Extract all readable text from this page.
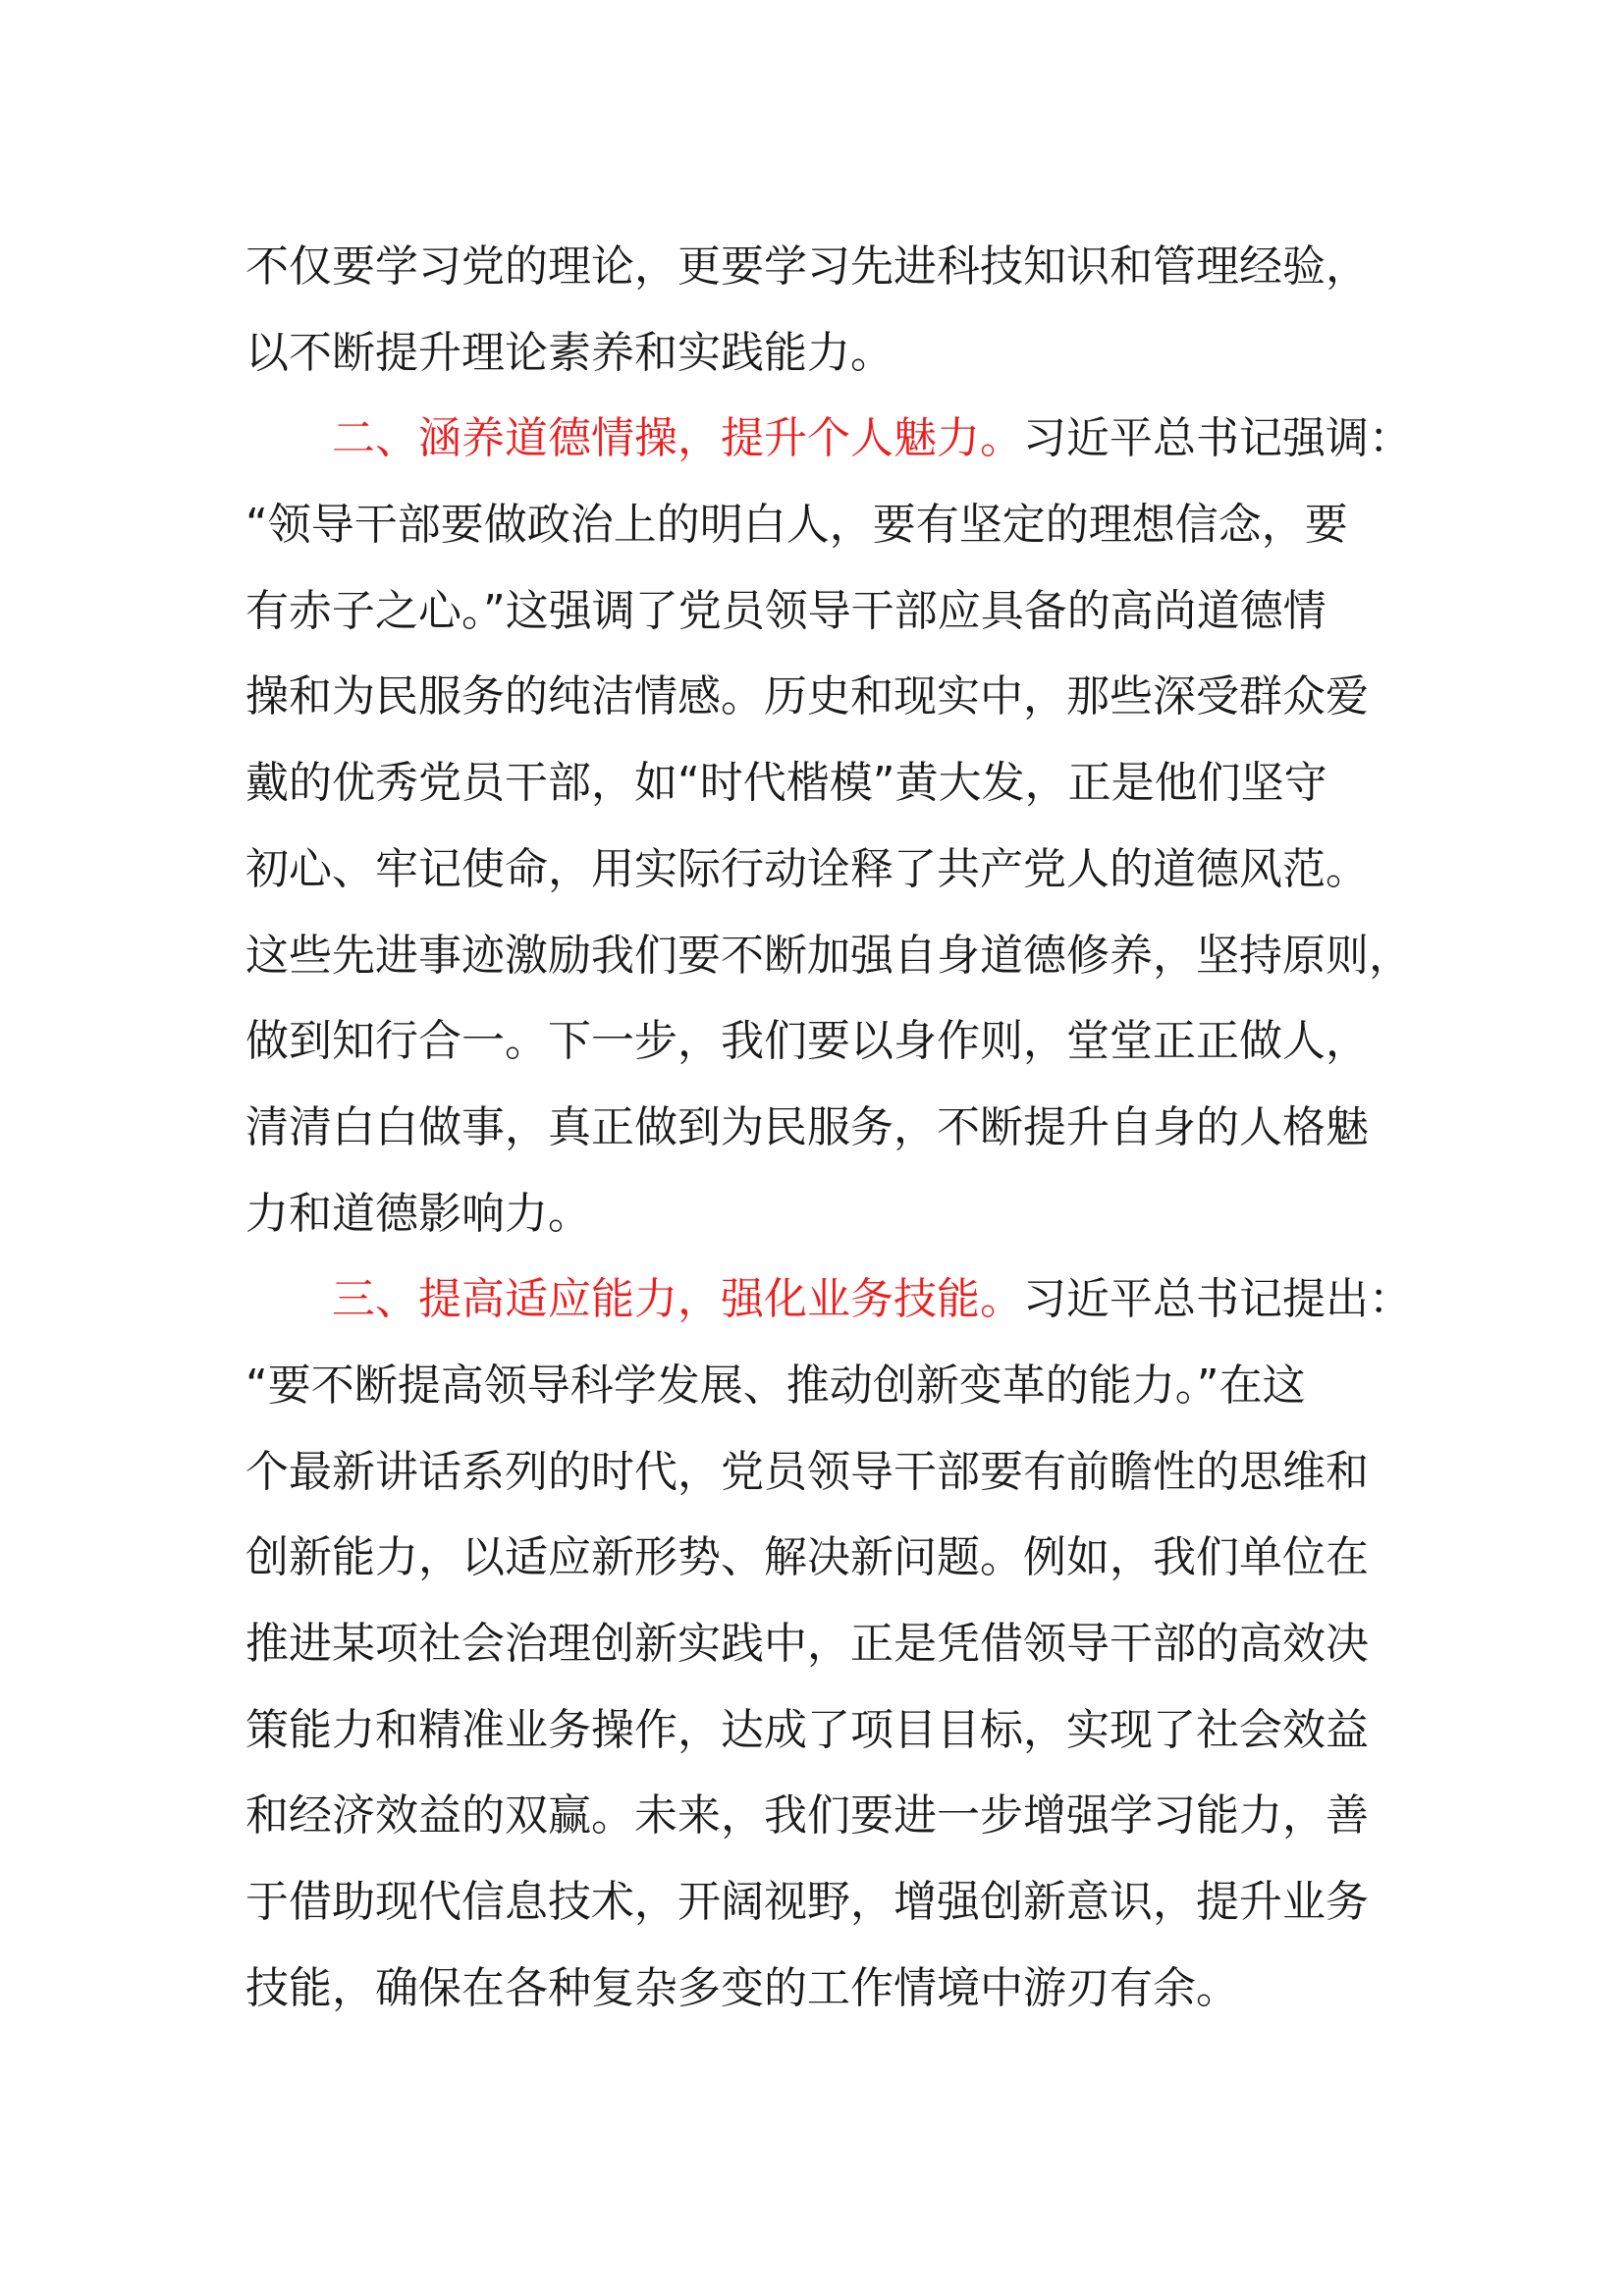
不仅要学习党的理论，更要学习先进科技知识和管理经验，
以不断提升理论素养和实践能力。
二、涵养道德情操，提升个人魅力。习近平总书记强调：
“领导干部要做政治上的明白人，要有坚定的理想信念，要
有赤子之心。”这强调了党员领导干部应具备的高尚道德情
操和为民服务的纯洁情感。历史和现实中，那些深受群众爱
戴的优秀党员干部，如“时代楷模”黄大发，正是他们坚守
初心、牢记使命，用实际行动诠释了共产党人的道德风范。
这些先进事迹激励我们要不断加强自身道德修养，坚持原则，
做到知行合一。下一步，我们要以身作则，堂堂正正做人，
清清白白做事，真正做到为民服务，不断提升自身的人格魅
力和道德影响力。
三、提高适应能力，强化业务技能。习近平总书记提出：
“要不断提高领导科学发展、推动创新变革的能力。”在这
个最新讲话系列的时代，党员领导干部要有前瞻性的思维和
创新能力，以适应新形势、解决新问题。例如，我们单位在
推进某项社会治理创新实践中，正是凭借领导干部的高效决
策能力和精准业务操作，达成了项目目标，实现了社会效益
和经济效益的双赢。未来，我们要进一步增强学习能力，善
于借助现代信息技术，开阔视野，增强创新意识，提升业务
技能，确保在各种复杂多变的工作情境中游刃有余。
